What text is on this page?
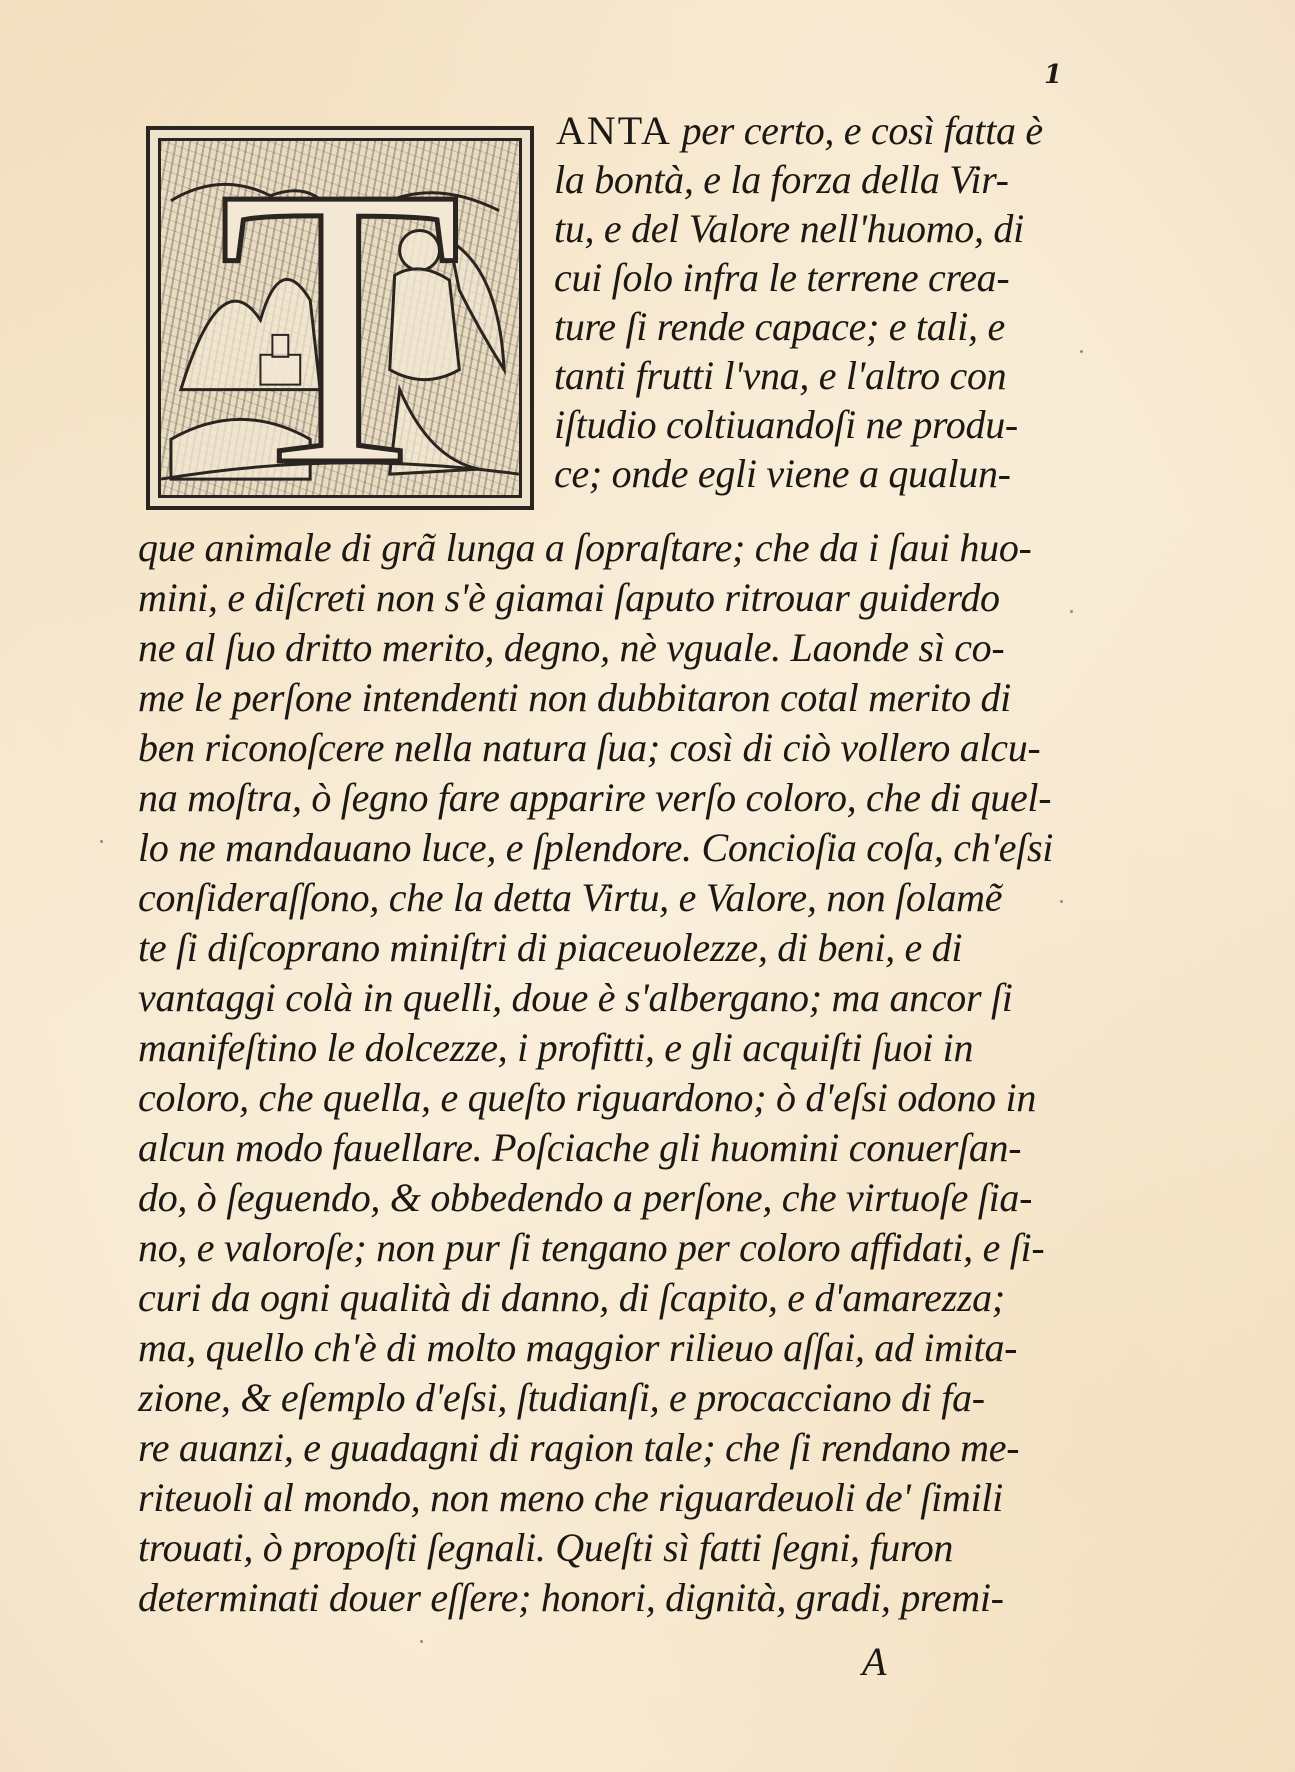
1
T	ANTA per certo, e così fatta è
la bontà, e la forza della Vir-
tu, e del Valore nell'huomo, di
cui ſolo infra le terrene crea-
ture ſi rende capace; e tali, e
tanti frutti l'vna, e l'altro con
iſtudio coltiuandoſi ne produ-
ce; onde egli viene a qualun-
que animale di grã lunga a ſopraſtare; che da i ſaui huo-
mini, e diſcreti non s'è giamai ſaputo ritrouar guiderdo
ne al ſuo dritto merito, degno, nè vguale. Laonde sì co-
me le perſone intendenti non dubbitaron cotal merito di
ben riconoſcere nella natura ſua; così di ciò vollero alcu-
na moſtra, ò ſegno fare apparire verſo coloro, che di quel-
lo ne mandauano luce, e ſplendore. Concioſia coſa, ch'eſsi
conſideraſſono, che la detta Virtu, e Valore, non ſolamẽ
te ſi diſcoprano miniſtri di piaceuolezze, di beni, e di
vantaggi colà in quelli, doue è s'albergano; ma ancor ſi
manifeſtino le dolcezze, i profitti, e gli acquiſti ſuoi in
coloro, che quella, e queſto riguardono; ò d'eſsi odono in
alcun modo fauellare. Poſciache gli huomini conuerſan-
do, ò ſeguendo, & obbedendo a perſone, che virtuoſe ſia-
no, e valoroſe; non pur ſi tengano per coloro affidati, e ſi-
curi da ogni qualità di danno, di ſcapito, e d'amarezza;
ma, quello ch'è di molto maggior rilieuo aſſai, ad imita-
zione, & eſemplo d'eſsi, ſtudianſi, e procacciano di fa-
re auanzi, e guadagni di ragion tale; che ſi rendano me-
riteuoli al mondo, non meno che riguardeuoli de' ſimili
trouati, ò propoſti ſegnali. Queſti sì fatti ſegni, furon
determinati douer eſſere; honori, dignità, gradi, premi-
A
